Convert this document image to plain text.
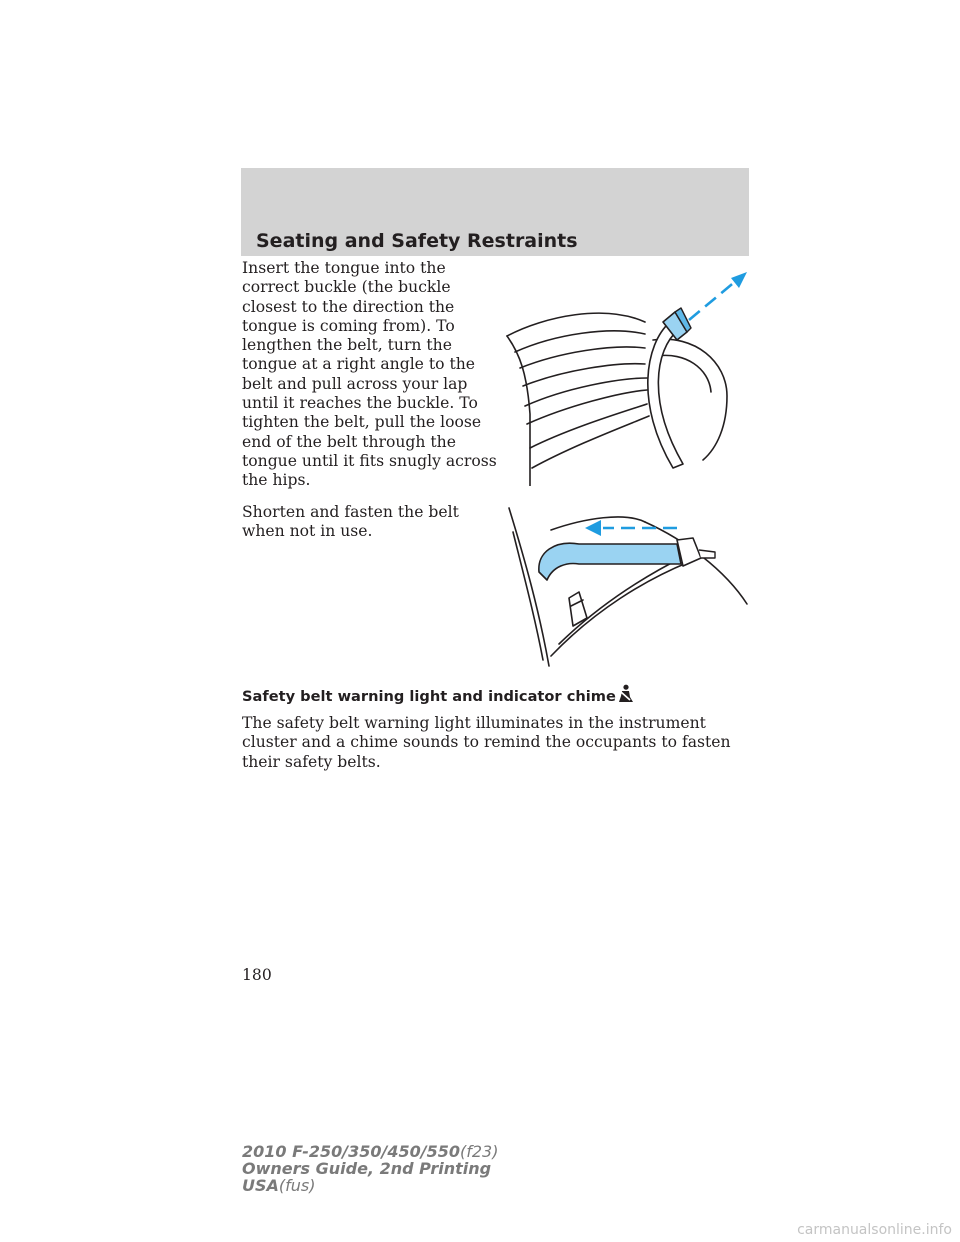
Seating and Safety Restraints

Insert the tongue into the correct buckle (the buckle closest to the direction the tongue is coming from). To lengthen the belt, turn the tongue at a right angle to the belt and pull across your lap until it reaches the buckle. To tighten the belt, pull the loose end of the belt through the tongue until it fits snugly across the hips.

Shorten and fasten the belt when not in use.

Safety belt warning light and indicator chime

The safety belt warning light illuminates in the instrument cluster and a chime sounds to remind the occupants to fasten their safety belts.

180

2010 F-250/350/450/550(f23)
Owners Guide, 2nd Printing
USA(fus)
carmanualsonline.info
